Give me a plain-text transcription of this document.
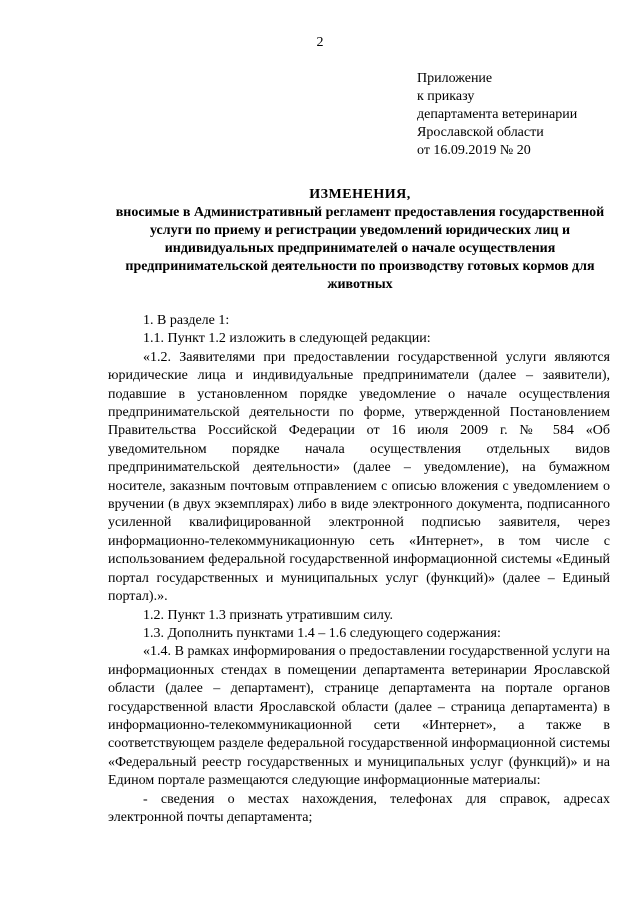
2
Приложение
к приказу
департамента ветеринарии
Ярославской области
от 16.09.2019 № 20
ИЗМЕНЕНИЯ,
вносимые в Административный регламент предоставления государственной услуги по приему и регистрации уведомлений юридических лиц и индивидуальных предпринимателей о начале осуществления предпринимательской деятельности по производству готовых кормов для животных

1. В разделе 1:

1.1. Пункт 1.2 изложить в следующей редакции:

«1.2. Заявителями при предоставлении государственной услуги являются юридические лица и индивидуальные предприниматели (далее – заявители), подавшие в установленном порядке уведомление о начале осуществления предпринимательской деятельности по форме, утвержденной Постановлением Правительства Российской Федерации от 16 июля 2009 г. № 584 «Об уведомительном порядке начала осуществления отдельных видов предпринимательской деятельности» (далее – уведомление), на бумажном носителе, заказным почтовым отправлением с описью вложения с уведомлением о вручении (в двух экземплярах) либо в виде электронного документа, подписанного усиленной квалифицированной электронной подписью заявителя, через информационно-телекоммуникационную сеть «Интернет», в том числе с использованием федеральной государственной информационной системы «Единый портал государственных и муниципальных услуг (функций)» (далее – Единый портал).».

1.2. Пункт 1.3 признать утратившим силу.

1.3. Дополнить пунктами 1.4 – 1.6 следующего содержания:

«1.4. В рамках информирования о предоставлении государственной услуги на информационных стендах в помещении департамента ветеринарии Ярославской области (далее – департамент), странице департамента на портале органов государственной власти Ярославской области (далее – страница департамента) в информационно-телекоммуникационной сети «Интернет», а также в соответствующем разделе федеральной государственной информационной системы «Федеральный реестр государственных и муниципальных услуг (функций)» и на Едином портале размещаются следующие информационные материалы:

- сведения о местах нахождения, телефонах для справок, адресах электронной почты департамента;
